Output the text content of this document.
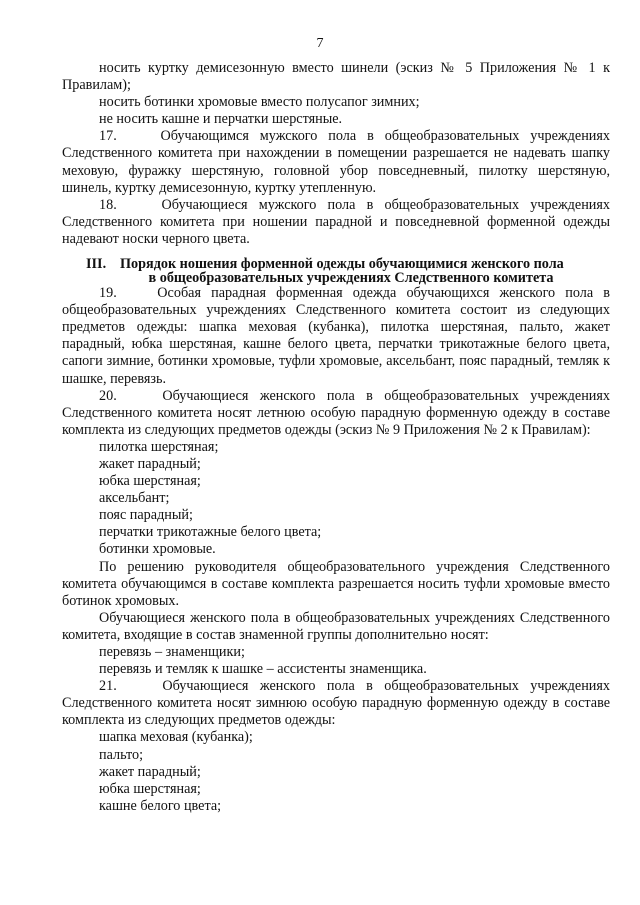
7

носить куртку демисезонную вместо шинели (эскиз № 5 Приложения № 1 к Правилам);

носить ботинки хромовые вместо полусапог зимних;

не носить кашне и перчатки шерстяные.

17.    Обучающимся мужского пола в общеобразовательных учреждениях Следственного комитета при нахождении в помещении разрешается не надевать шапку меховую, фуражку шерстяную, головной убор повседневный, пилотку шерстяную, шинель, куртку демисезонную, куртку утепленную.

18.    Обучающиеся мужского пола в общеобразовательных учреждениях Следственного комитета при ношении парадной и повседневной форменной одежды надевают носки черного цвета.

III. Порядок ношения форменной одежды обучающимися женского пола
в общеобразовательных учреждениях Следственного комитета

19.    Особая парадная форменная одежда обучающихся женского пола в общеобразовательных учреждениях Следственного комитета состоит из следующих предметов одежды: шапка меховая (кубанка), пилотка шерстяная, пальто, жакет парадный, юбка шерстяная, кашне белого цвета, перчатки трикотажные белого цвета, сапоги зимние, ботинки хромовые, туфли хромовые, аксельбант, пояс парадный, темляк к шашке, перевязь.

20.    Обучающиеся женского пола в общеобразовательных учреждениях Следственного комитета носят летнюю особую парадную форменную одежду в составе комплекта из следующих предметов одежды (эскиз № 9 Приложения № 2 к Правилам):

пилотка шерстяная;

жакет парадный;

юбка шерстяная;

аксельбант;

пояс парадный;

перчатки трикотажные белого цвета;

ботинки хромовые.

По решению руководителя общеобразовательного учреждения Следственного комитета обучающимся в составе комплекта разрешается носить туфли хромовые вместо ботинок хромовых.

Обучающиеся женского пола в общеобразовательных учреждениях Следственного комитета, входящие в состав знаменной группы дополнительно носят:

перевязь – знаменщики;

перевязь и темляк к шашке – ассистенты знаменщика.

21.    Обучающиеся женского пола в общеобразовательных учреждениях Следственного комитета носят зимнюю особую парадную форменную одежду в составе комплекта из следующих предметов одежды:

шапка меховая (кубанка);

пальто;

жакет парадный;

юбка шерстяная;

кашне белого цвета;
